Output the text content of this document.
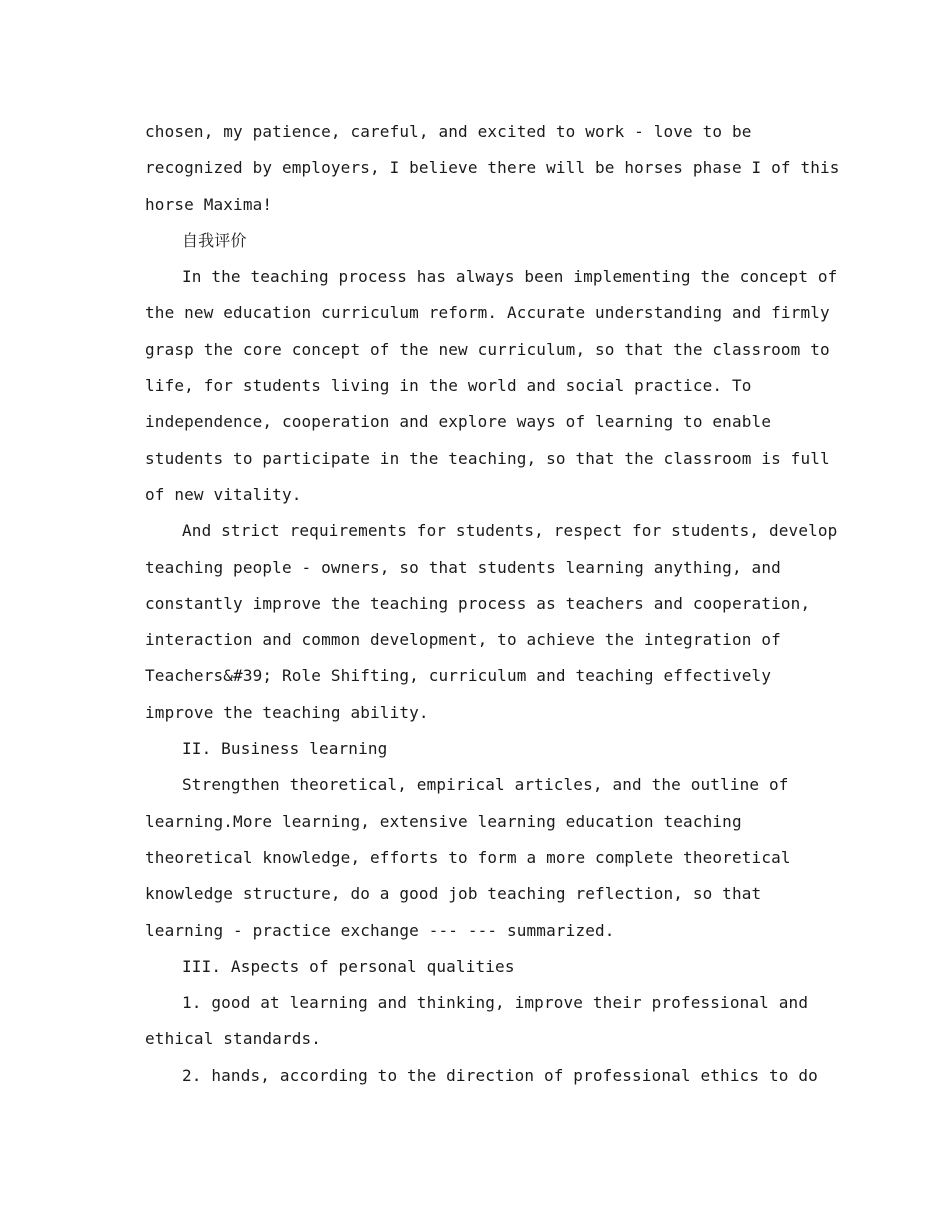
chosen, my patience, careful, and excited to work - love to be
recognized by employers, I believe there will be horses phase I of this
horse Maxima!
自我评价
In the teaching process has always been implementing the concept of
the new education curriculum reform. Accurate understanding and firmly
grasp the core concept of the new curriculum, so that the classroom to
life, for students living in the world and social practice. To
independence, cooperation and explore ways of learning to enable
students to participate in the teaching, so that the classroom is full
of new vitality.
And strict requirements for students, respect for students, develop
teaching people - owners, so that students learning anything, and
constantly improve the teaching process as teachers and cooperation,
interaction and common development, to achieve the integration of
Teachers&#39; Role Shifting, curriculum and teaching effectively
improve the teaching ability.
II. Business learning
Strengthen theoretical, empirical articles, and the outline of
learning.More learning, extensive learning education teaching
theoretical knowledge, efforts to form a more complete theoretical
knowledge structure, do a good job teaching reflection, so that
learning - practice exchange --- --- summarized.
III. Aspects of personal qualities
1. good at learning and thinking, improve their professional and
ethical standards.
2. hands, according to the direction of professional ethics to do
